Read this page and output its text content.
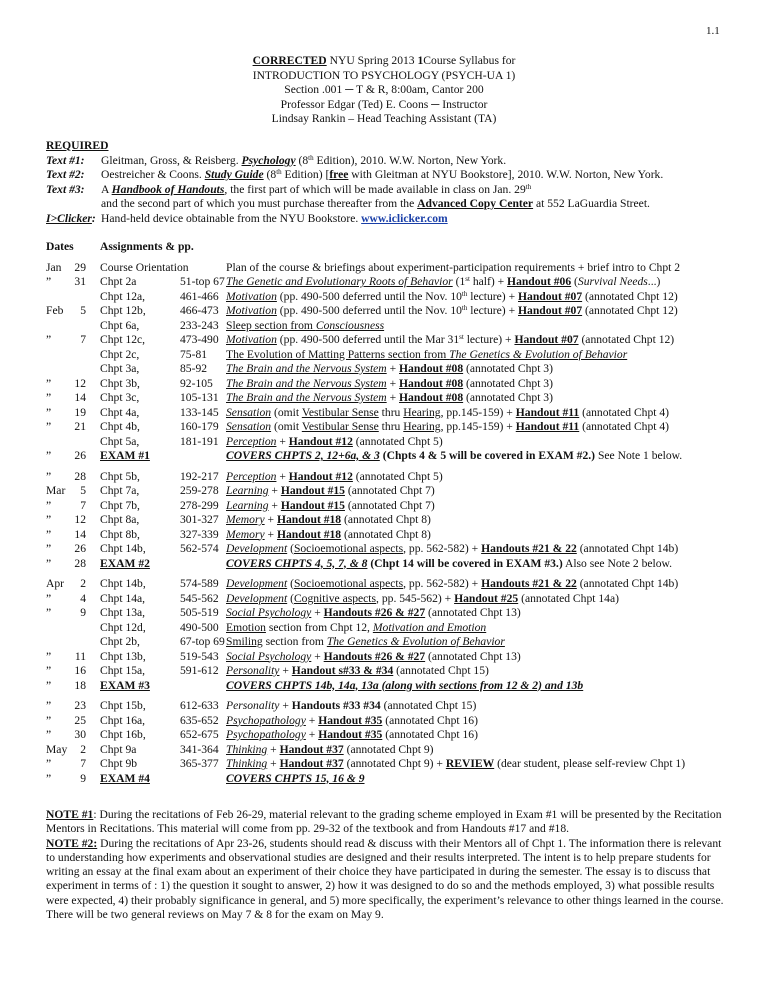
1.1
CORRECTED NYU Spring 2013 1Course Syllabus for
INTRODUCTION TO PSYCHOLOGY (PSYCH-UA 1)
Section .001 ─ T & R, 8:00am, Cantor 200
Professor Edgar (Ted) E. Coons ─ Instructor
Lindsay Rankin – Head Teaching Assistant (TA)
REQUIRED
Text #1: Gleitman, Gross, & Reisberg. Psychology (8th Edition), 2010. W.W. Norton, New York.
Text #2: Oestreicher & Coons. Study Guide (8th Edition) [free with Gleitman at NYU Bookstore], 2010. W.W. Norton, New York.
Text #3: A Handbook of Handouts, the first part of which will be made available in class on Jan. 29th
and the second part of which you must purchase thereafter from the Advanced Copy Center at 552 LaGuardia Street.
I>Clicker: Hand-held device obtainable from the NYU Bookstore. www.iclicker.com
Dates Assignments & pp.
Jan	29 Course Orientation	Plan of the course & briefings about experiment-participation requirements + brief intro to Chpt 2
”	31 Chpt 2a	51-top 67 The Genetic and Evolutionary Roots of Behavior (1st half) + Handout #06 (Survival Needs...)
Chpt 12a,	461-466 Motivation (pp. 490-500 deferred until the Nov. 10th lecture) + Handout #07 (annotated Chpt 12)
Feb	5 Chpt 12b,	466-473 Motivation (pp. 490-500 deferred until the Nov. 10th lecture) + Handout #07 (annotated Chpt 12)
Chpt 6a,	233-243 Sleep section from Consciousness
”	7 Chpt 12c,	473-490 Motivation (pp. 490-500 deferred until the Mar 31st lecture) + Handout #07 (annotated Chpt 12)
Chpt 2c,	75-81 The Evolution of Matting Patterns section from The Genetics & Evolution of Behavior
Chpt 3a,	85-92 The Brain and the Nervous System + Handout #08 (annotated Chpt 3)
”	12 Chpt 3b,	92-105 The Brain and the Nervous System + Handout #08 (annotated Chpt 3)
”	14 Chpt 3c,	105-131 The Brain and the Nervous System + Handout #08 (annotated Chpt 3)
”	19 Chpt 4a,	133-145 Sensation (omit Vestibular Sense thru Hearing, pp.145-159) + Handout #11 (annotated Chpt 4)
”	21 Chpt 4b,	160-179 Sensation (omit Vestibular Sense thru Hearing, pp.145-159) + Handout #11 (annotated Chpt 4)
Chpt 5a,	181-191 Perception + Handout #12 (annotated Chpt 5)
”	26 EXAM #1	COVERS CHPTS 2, 12+6a, & 3 (Chpts 4 & 5 will be covered in EXAM #2.) See Note 1 below.
”	28 Chpt 5b,	192-217 Perception + Handout #12 (annotated Chpt 5)
Mar	5 Chpt 7a,	259-278 Learning + Handout #15 (annotated Chpt 7)
”	7 Chpt 7b,	278-299 Learning + Handout #15 (annotated Chpt 7)
”	12 Chpt 8a,	301-327 Memory + Handout #18 (annotated Chpt 8)
”	14 Chpt 8b,	327-339 Memory + Handout #18 (annotated Chpt 8)
”	26 Chpt 14b,	562-574 Development (Socioemotional aspects, pp. 562-582) + Handouts #21 & 22 (annotated Chpt 14b)
”	28 EXAM #2	COVERS CHPTS 4, 5, 7, & 8 (Chpt 14 will be covered in EXAM #3.) Also see Note 2 below.
Apr	2 Chpt 14b,	574-589 Development (Socioemotional aspects, pp. 562-582) + Handouts #21 & 22 (annotated Chpt 14b)
”	4 Chpt 14a,	545-562 Development (Cognitive aspects, pp. 545-562) + Handout #25 (annotated Chpt 14a)
”	9 Chpt 13a,	505-519 Social Psychology + Handouts #26 & #27 (annotated Chpt 13)
Chpt 12d,	490-500 Emotion section from Chpt 12, Motivation and Emotion
Chpt 2b,	67-top 69 Smiling section from The Genetics & Evolution of Behavior
”	11 Chpt 13b,	519-543 Social Psychology + Handouts #26 & #27 (annotated Chpt 13)
”	16 Chpt 15a,	591-612 Personality + Handout s#33 & #34 (annotated Chpt 15)
”	18 EXAM #3	COVERS CHPTS 14b, 14a, 13a (along with sections from 12 & 2) and 13b
”	23 Chpt 15b,	612-633 Personality + Handouts #33 #34 (annotated Chpt 15)
”	25 Chpt 16a,	635-652 Psychopathology + Handout #35 (annotated Chpt 16)
”	30 Chpt 16b,	652-675 Psychopathology + Handout #35 (annotated Chpt 16)
May	2 Chpt 9a	341-364 Thinking + Handout #37 (annotated Chpt 9)
”	7 Chpt 9b	365-377 Thinking + Handout #37 (annotated Chpt 9) + REVIEW (dear student, please self-review Chpt 1)
”	9 EXAM #4	COVERS CHPTS 15, 16 & 9

NOTE #1: During the recitations of Feb 26-29, material relevant to the grading scheme employed in Exam #1 will be presented by the Recitation Mentors in Recitations. This material will come from pp. 29-32 of the textbook and from Handouts #17 and #18.

NOTE #2: During the recitations of Apr 23-26, students should read & discuss with their Mentors all of Chpt 1. The information there is relevant to understanding how experiments and observational studies are designed and their results interpreted. The intent is to help prepare students for writing an essay at the final exam about an experiment of their choice they have participated in during the semester. The essay is to discuss that experiment in terms of : 1) the question it sought to answer, 2) how it was designed to do so and the methods employed, 3) what possible results were expected, 4) their probably significance in general, and 5) more specifically, the experiment’s relevance to other things learned in the course. There will be two general reviews on May 7 & 8 for the exam on May 9.
